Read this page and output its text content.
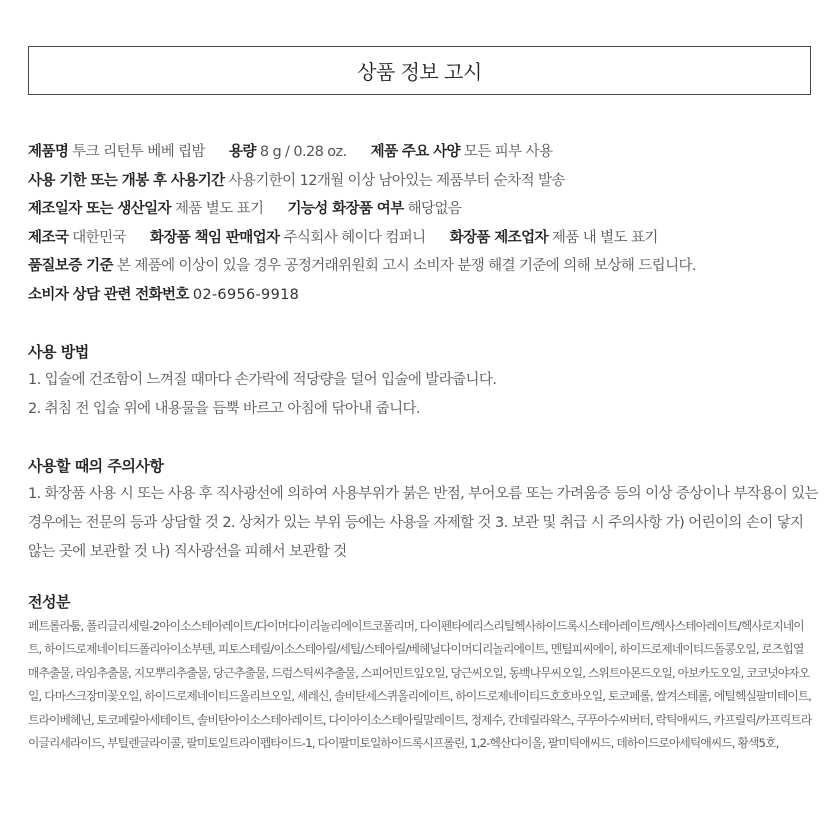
상품 정보 고시
제품명 투크 리턴투 베베 립밤 용량 8 g / 0.28 oz. 제품 주요 사양 모든 피부 사용
사용 기한 또는 개봉 후 사용기간 사용기한이 12개월 이상 남아있는 제품부터 순차적 발송
제조일자 또는 생산일자 제품 별도 표기 기능성 화장품 여부 해당없음
제조국 대한민국 화장품 책임 판매업자 주식회사 헤이다 컴퍼니 화장품 제조업자 제품 내 별도 표기
품질보증 기준 본 제품에 이상이 있을 경우 공정거래위원회 고시 소비자 분쟁 해결 기준에 의해 보상해 드립니다.
소비자 상담 관련 전화번호 02-6956-9918

사용 방법

1. 입술에 건조함이 느껴질 때마다 손가락에 적당량을 덜어 입술에 발라줍니다.
2. 취침 전 입술 위에 내용물을 듬뿍 바르고 아침에 닦아내 줍니다.

사용할 때의 주의사항

1. 화장품 사용 시 또는 사용 후 직사광선에 의하여 사용부위가 붉은 반점, 부어오름 또는 가려움증 등의 이상 증상이나 부작용이 있는 경우에는 전문의 등과 상담할 것 2. 상처가 있는 부위 등에는 사용을 자제할 것 3. 보관 및 취급 시 주의사항 가) 어린이의 손이 닿지 않는 곳에 보관할 것 나) 직사광선을 피해서 보관할 것

전성분

페트롤라툼, 폴리글리세릴-2아이소스테아레이트/다이머다이리놀리에이트코폴리머, 다이펜타에리스리틸헥사하이드록시스테아레이트/헥사스테아레이트/헥사로지네이트, 하이드로제네이티드폴리아이소부텐, 피토스테릴/이소스테아릴/세틸/스테아릴/베헤닐다이머디리놀리에이트, 멘틸피씨에이, 하이드로제네이티드돌콩오일, 로즈힙열매추출물, 라임추출물, 지모뿌리추출물, 당근추출물, 드럼스틱씨추출물, 스피어민트잎오일, 당근씨오일, 동백나무씨오일, 스위트아몬드오일, 아보카도오일, 코코넛야자오일, 다마스크장미꽃오일, 하이드로제네이티드올리브오일, 세레신, 솔비탄세스퀴올리에이트, 하이드로제네이티드호호바오일, 토코페롤, 쌀겨스테롤, 에틸헥실팔미테이트, 트라이베헤닌, 토코페릴아세테이트, 솔비탄아이소스테아레이트, 다이아이소스테아릴말레이트, 정제수, 칸데릴라왁스, 쿠푸아수씨버터, 락틱애씨드, 카프릴릭/카프릭트라이글리세라이드, 부틸렌글라이콜, 팔미토일트라이펩타이드-1, 다이팔미토일하이드록시프롤린, 1,2-헥산다이올, 팔미틱애씨드, 데하이드로아세틱애씨드, 황색5호,
